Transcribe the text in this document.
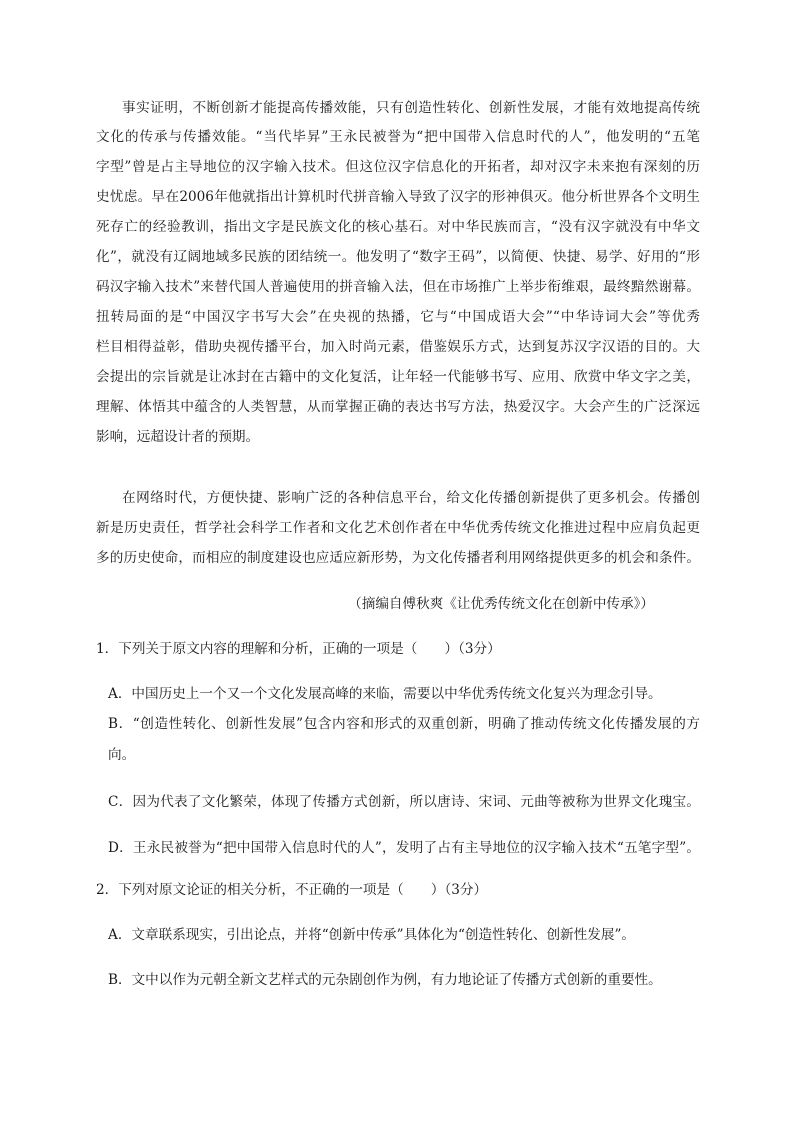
事实证明，不断创新才能提高传播效能，只有创造性转化、创新性发展，才能有效地提高传统
文化的传承与传播效能。“当代毕昇”王永民被誉为“把中国带入信息时代的人”，他发明的“五笔
字型”曾是占主导地位的汉字输入技术。但这位汉字信息化的开拓者，却对汉字未来抱有深刻的历
史忧虑。早在2006年他就指出计算机时代拼音输入导致了汉字的形神俱灭。他分析世界各个文明生
死存亡的经验教训，指出文字是民族文化的核心基石。对中华民族而言，“没有汉字就没有中华文
化”，就没有辽阔地域多民族的团结统一。他发明了“数字王码”，以简便、快捷、易学、好用的“形
码汉字输入技术”来替代国人普遍使用的拼音输入法，但在市场推广上举步衔维艰，最终黯然谢幕。
扭转局面的是“中国汉字书写大会”在央视的热播，它与“中国成语大会”“中华诗词大会”等优秀
栏目相得益彰，借助央视传播平台，加入时尚元素，借鉴娱乐方式，达到复苏汉字汉语的目的。大
会提出的宗旨就是让冰封在古籍中的文化复活，让年轻一代能够书写、应用、欣赏中华文字之美，
理解、体悟其中蕴含的人类智慧，从而掌握正确的表达书写方法，热爱汉字。大会产生的广泛深远
影响，远超设计者的预期。
在网络时代，方便快捷、影响广泛的各种信息平台，给文化传播创新提供了更多机会。传播创
新是历史责任，哲学社会科学工作者和文化艺术创作者在中华优秀传统文化推进过程中应肩负起更
多的历史使命，而相应的制度建设也应适应新形势，为文化传播者利用网络提供更多的机会和条件。
（摘编自傅秋爽《让优秀传统文化在创新中传承》）
1．下列关于原文内容的理解和分析，正确的一项是（　　）（3分）
A．中国历史上一个又一个文化发展高峰的来临，需要以中华优秀传统文化复兴为理念引导。
B．“创造性转化、创新性发展”包含内容和形式的双重创新，明确了推动传统文化传播发展的方
向。
C．因为代表了文化繁荣，体现了传播方式创新，所以唐诗、宋词、元曲等被称为世界文化瑰宝。
D．王永民被誉为“把中国带入信息时代的人”，发明了占有主导地位的汉字输入技术“五笔字型”。
2．下列对原文论证的相关分析，不正确的一项是（　　）（3分）
A．文章联系现实，引出论点，并将“创新中传承”具体化为“创造性转化、创新性发展”。
B．文中以作为元朝全新文艺样式的元杂剧创作为例，有力地论证了传播方式创新的重要性。
